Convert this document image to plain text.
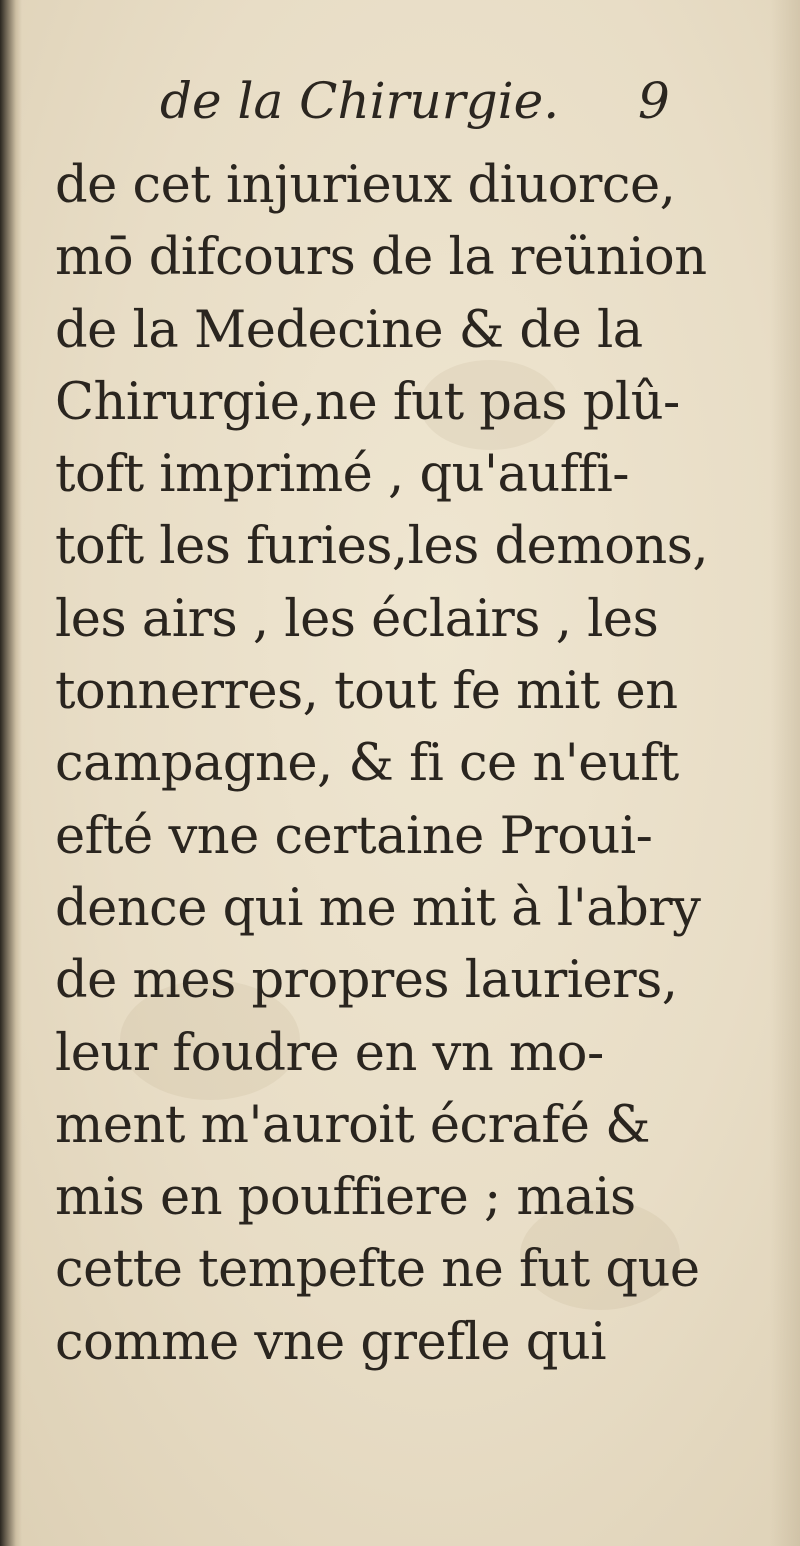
de la Chirurgie. 9
de cet injurieux diuorce,
mō difcours de la reünion
de la Medecine & de la
Chirurgie,ne fut pas plû-
toft imprimé , qu'auffi-
toft les furies,les demons,
les airs , les éclairs , les
tonnerres, tout fe mit en
campagne, & fi ce n'euft
efté vne certaine Proui-
dence qui me mit à l'abry
de mes propres lauriers,
leur foudre en vn mo-
ment m'auroit écrafé &
mis en pouffiere ; mais
cette tempefte ne fut que
comme vne grefle qui
